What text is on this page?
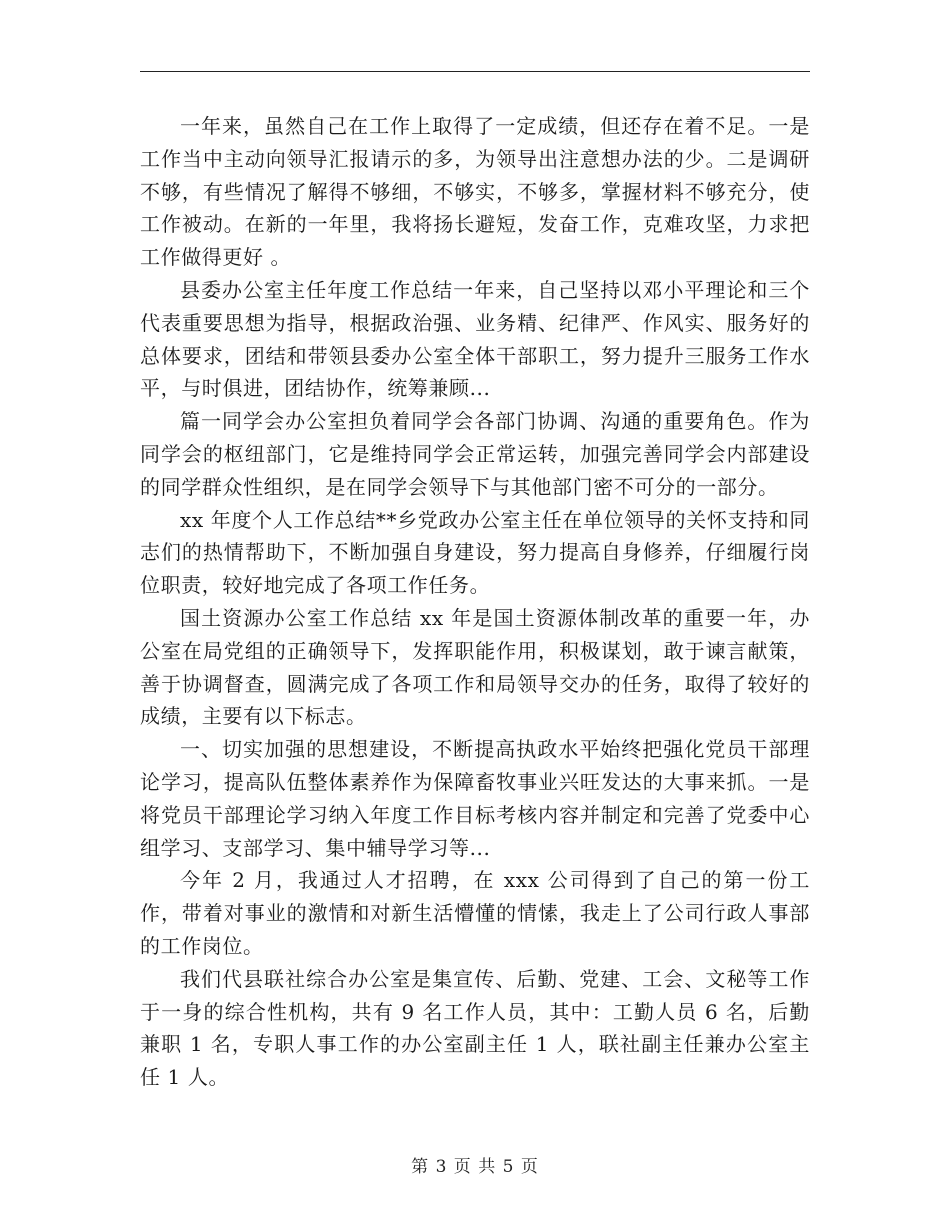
一年来，虽然自己在工作上取得了一定成绩，但还存在着不足。一是工作当中主动向领导汇报请示的多，为领导出注意想办法的少。二是调研不够，有些情况了解得不够细，不够实，不够多，掌握材料不够充分，使工作被动。在新的一年里，我将扬长避短，发奋工作，克难攻坚，力求把工作做得更好 。

县委办公室主任年度工作总结一年来，自己坚持以邓小平理论和三个代表重要思想为指导，根据政治强、业务精、纪律严、作风实、服务好的总体要求，团结和带领县委办公室全体干部职工，努力提升三服务工作水平，与时俱进，团结协作，统筹兼顾...

篇一同学会办公室担负着同学会各部门协调、沟通的重要角色。作为同学会的枢纽部门，它是维持同学会正常运转，加强完善同学会内部建设的同学群众性组织，是在同学会领导下与其他部门密不可分的一部分。

xx 年度个人工作总结**乡党政办公室主任在单位领导的关怀支持和同志们的热情帮助下，不断加强自身建设，努力提高自身修养，仔细履行岗位职责，较好地完成了各项工作任务。

国土资源办公室工作总结 xx 年是国土资源体制改革的重要一年，办公室在局党组的正确领导下，发挥职能作用，积极谋划，敢于谏言献策，善于协调督查，圆满完成了各项工作和局领导交办的任务，取得了较好的成绩，主要有以下标志。

一、切实加强的思想建设，不断提高执政水平始终把强化党员干部理论学习，提高队伍整体素养作为保障畜牧事业兴旺发达的大事来抓。一是将党员干部理论学习纳入年度工作目标考核内容并制定和完善了党委中心组学习、支部学习、集中辅导学习等...

今年 2 月，我通过人才招聘，在 xxx 公司得到了自己的第一份工作，带着对事业的激情和对新生活懵懂的情愫，我走上了公司行政人事部的工作岗位。

我们代县联社综合办公室是集宣传、后勤、党建、工会、文秘等工作于一身的综合性机构，共有 9 名工作人员，其中：工勤人员 6 名，后勤兼职 1 名，专职人事工作的办公室副主任 1 人，联社副主任兼办公室主任 1 人。

第 3 页 共 5 页
